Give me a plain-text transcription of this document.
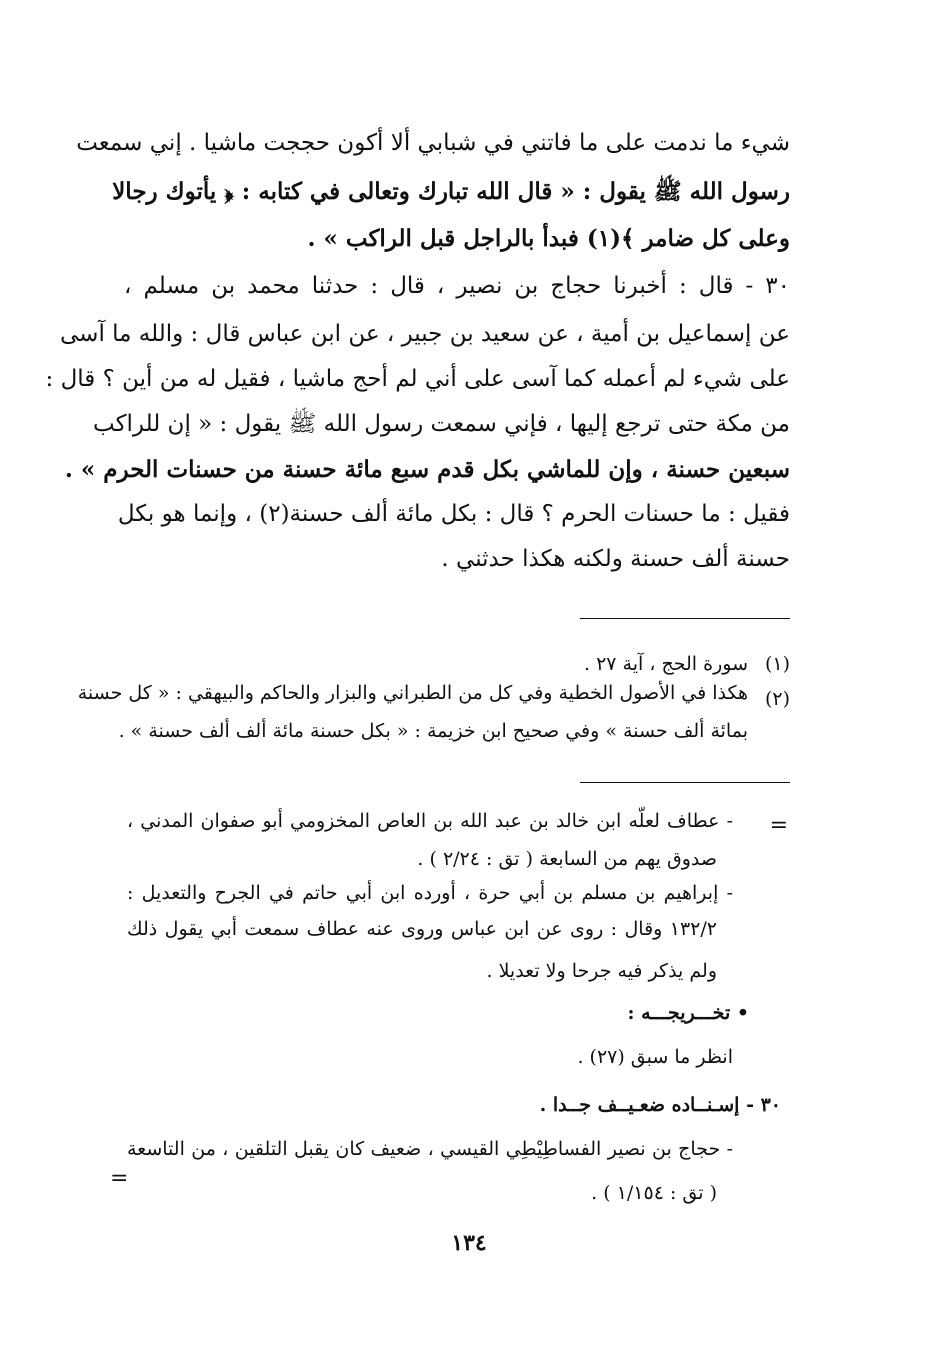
شيء ما ندمت على ما فاتني في شبابي ألا أكون حججت ماشيا . إني سمعت
رسول الله ﷺ يقول : « قال الله تبارك وتعالى في كتابه : ﴿ يأتوك رجالا
وعلى كل ضامر ﴾(١) فبدأ بالراجل قبل الراكب » .
٣٠ - قال : أخبرنا حجاج بن نصير ، قال : حدثنا محمد بن مسلم ،
عن إسماعيل بن أمية ، عن سعيد بن جبير ، عن ابن عباس قال : والله ما آسى
على شيء لم أعمله كما آسى على أني لم أحج ماشيا ، فقيل له من أين ؟ قال :
من مكة حتى ترجع إليها ، فإني سمعت رسول الله ﷺ يقول : « إن للراكب
سبعين حسنة ، وإن للماشي بكل قدم سبع مائة حسنة من حسنات الحرم » .
فقيل : ما حسنات الحرم ؟ قال : بكل مائة ألف حسنة(٢) ، وإنما هو بكل
حسنة ألف حسنة ولكنه هكذا حدثني .
(١)
سورة الحج ، آية ٢٧ .
(٢)
هكذا في الأصول الخطية وفي كل من الطبراني والبزار والحاكم والبيهقي : « كل حسنة
بمائة ألف حسنة » وفي صحيح ابن خزيمة : « بكل حسنة مائة ألف ألف حسنة » .
=
- عطاف لعلّه ابن خالد بن عبد الله بن العاص المخزومي أبو صفوان المدني ،
صدوق يهم من السابعة ( تق : ٢/٢٤ ) .
- إبراهيم بن مسلم بن أبي حرة ، أورده ابن أبي حاتم في الجرح والتعديل :
١٣٢/٢ وقال : روى عن ابن عباس وروى عنه عطاف سمعت أبي يقول ذلك
ولم يذكر فيه جرحا ولا تعديلا .
• تخـــريجـــه :
انظر ما سبق (٢٧) .
٣٠ - إسـنــاده ضعـيــف جــدا .
- حجاج بن نصير الفساطِيْطِي القيسي ، ضعيف كان يقبل التلقين ، من التاسعة
( تق : ١/١٥٤ ) .
=
١٣٤
